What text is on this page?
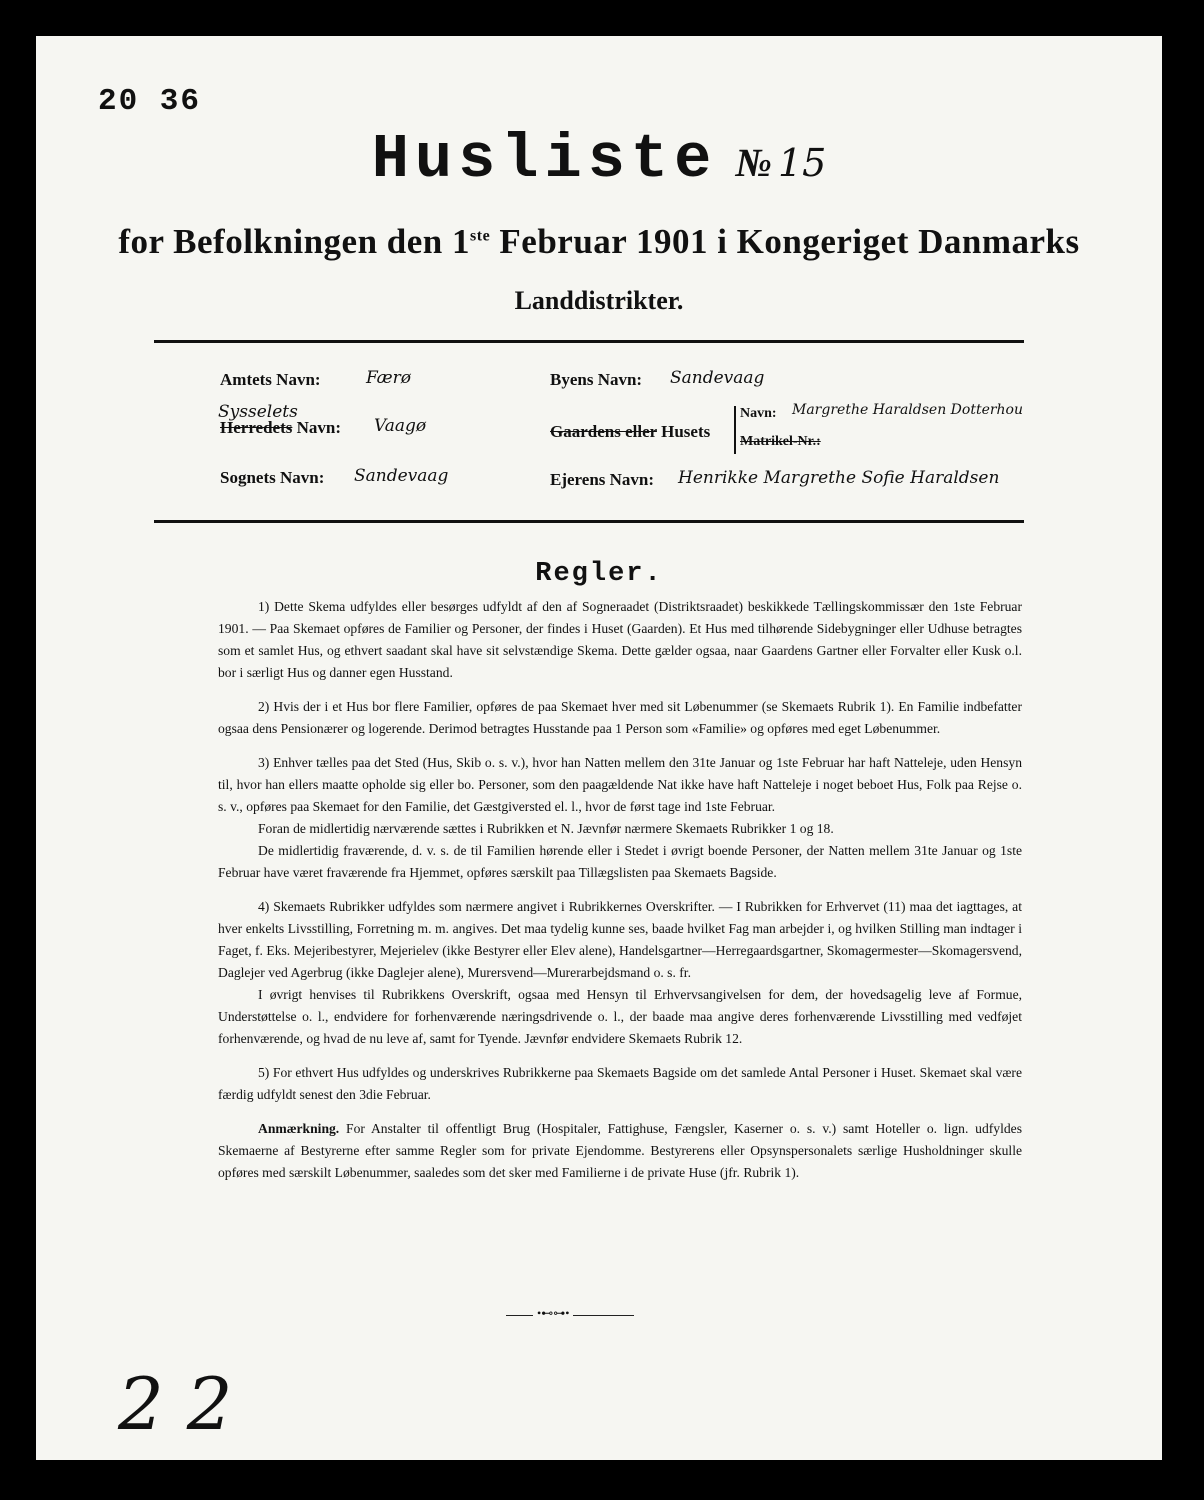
20 36
Husliste № 15
for Befolkningen den 1ste Februar 1901 i Kongeriget Danmarks
Landdistrikter.
Amtets Navn:	Færø
Sysselets
Herredets Navn: Vaagø
Sognets Navn: Sandevaag
Byens Navn: Sandevaag
Gaardens eller Husets
Navn: Margrethe Haraldsen Dotterhou
Matrikel-Nr.:
Ejerens Navn: Henrikke Margrethe Sofie Haraldsen
Regler.

1) Dette Skema udfyldes eller besørges udfyldt af den af Sogneraadet (Distriktsraadet) beskikkede Tællingskommissær den 1ste Februar 1901. — Paa Skemaet opføres de Familier og Personer, der findes i Huset (Gaarden). Et Hus med tilhørende Sidebygninger eller Udhuse betragtes som et samlet Hus, og ethvert saadant skal have sit selvstændige Skema. Dette gælder ogsaa, naar Gaardens Gartner eller Forvalter eller Kusk o.l. bor i særligt Hus og danner egen Husstand.

2) Hvis der i et Hus bor flere Familier, opføres de paa Skemaet hver med sit Løbenummer (se Skemaets Rubrik 1). En Familie indbefatter ogsaa dens Pensionærer og logerende. Derimod betragtes Husstande paa 1 Person som «Familie» og opføres med eget Løbenummer.

3) Enhver tælles paa det Sted (Hus, Skib o. s. v.), hvor han Natten mellem den 31te Januar og 1ste Februar har haft Natteleje, uden Hensyn til, hvor han ellers maatte opholde sig eller bo. Personer, som den paagældende Nat ikke have haft Natteleje i noget beboet Hus, Folk paa Rejse o. s. v., opføres paa Skemaet for den Familie, det Gæstgiversted el. l., hvor de først tage ind 1ste Februar.

Foran de midlertidig nærværende sættes i Rubrikken et N. Jævnfør nærmere Skemaets Rubrikker 1 og 18.

De midlertidig fraværende, d. v. s. de til Familien hørende eller i Stedet i øvrigt boende Personer, der Natten mellem 31te Januar og 1ste Februar have været fraværende fra Hjemmet, opføres særskilt paa Tillægslisten paa Skemaets Bagside.

4) Skemaets Rubrikker udfyldes som nærmere angivet i Rubrikkernes Overskrifter. — I Rubrikken for Erhvervet (11) maa det iagttages, at hver enkelts Livsstilling, Forretning m. m. angives. Det maa tydelig kunne ses, baade hvilket Fag man arbejder i, og hvilken Stilling man indtager i Faget, f. Eks. Mejeribestyrer, Mejerielev (ikke Bestyrer eller Elev alene), Handelsgartner—Herregaardsgartner, Skomagermester—Skomagersvend, Daglejer ved Agerbrug (ikke Daglejer alene), Murersvend—Murerarbejdsmand o. s. fr.

I øvrigt henvises til Rubrikkens Overskrift, ogsaa med Hensyn til Erhvervsangivelsen for dem, der hovedsagelig leve af Formue, Understøttelse o. l., endvidere for forhenværende næringsdrivende o. l., der baade maa angive deres forhenværende Livsstilling med vedføjet forhenværende, og hvad de nu leve af, samt for Tyende. Jævnfør endvidere Skemaets Rubrik 12.

5) For ethvert Hus udfyldes og underskrives Rubrikkerne paa Skemaets Bagside om det samlede Antal Personer i Huset. Skemaet skal være færdig udfyldt senest den 3die Februar.

Anmærkning. For Anstalter til offentligt Brug (Hospitaler, Fattighuse, Fængsler, Kaserner o. s. v.) samt Hoteller o. lign. udfyldes Skemaerne af Bestyrerne efter samme Regler som for private Ejendomme. Bestyrerens eller Opsynspersonalets særlige Husholdninger skulle opføres med særskilt Løbenummer, saaledes som det sker med Familierne i de private Huse (jfr. Rubrik 1).

•⊷⊶•
2 2
